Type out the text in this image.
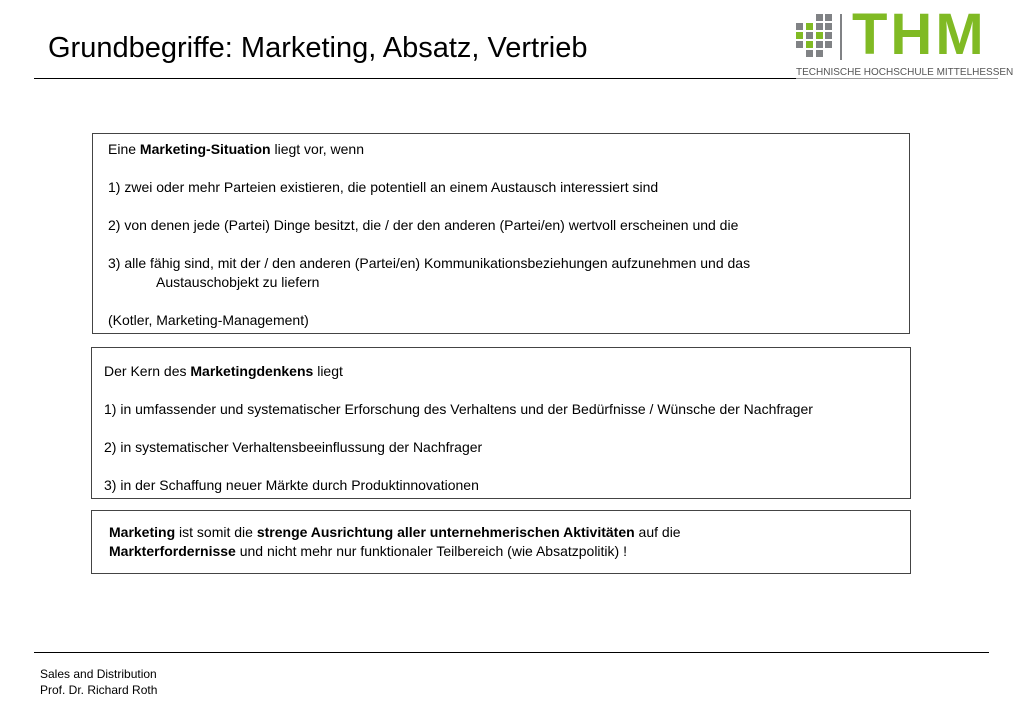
Grundbegriffe: Marketing, Absatz, Vertrieb	THM
TECHNISCHE HOCHSCHULE MITTELHESSEN

Eine Marketing-Situation liegt vor, wenn

1) zwei oder mehr Parteien existieren, die potentiell an einem Austausch interessiert sind

2) von denen jede (Partei) Dinge besitzt, die / der den anderen (Partei/en) wertvoll erscheinen und die

3) alle fähig sind, mit der / den anderen (Partei/en) Kommunikationsbeziehungen aufzunehmen und das

Austauschobjekt zu liefern

(Kotler, Marketing-Management)

Der Kern des Marketingdenkens liegt

1) in umfassender und systematischer Erforschung des Verhaltens und der Bedürfnisse / Wünsche der Nachfrager

2) in systematischer Verhaltensbeeinflussung der Nachfrager

3) in der Schaffung neuer Märkte durch Produktinnovationen

Marketing ist somit die strenge Ausrichtung aller unternehmerischen Aktivitäten auf die

Markterfordernisse und nicht mehr nur funktionaler Teilbereich (wie Absatzpolitik) !

Sales and Distribution
Prof. Dr. Richard Roth
